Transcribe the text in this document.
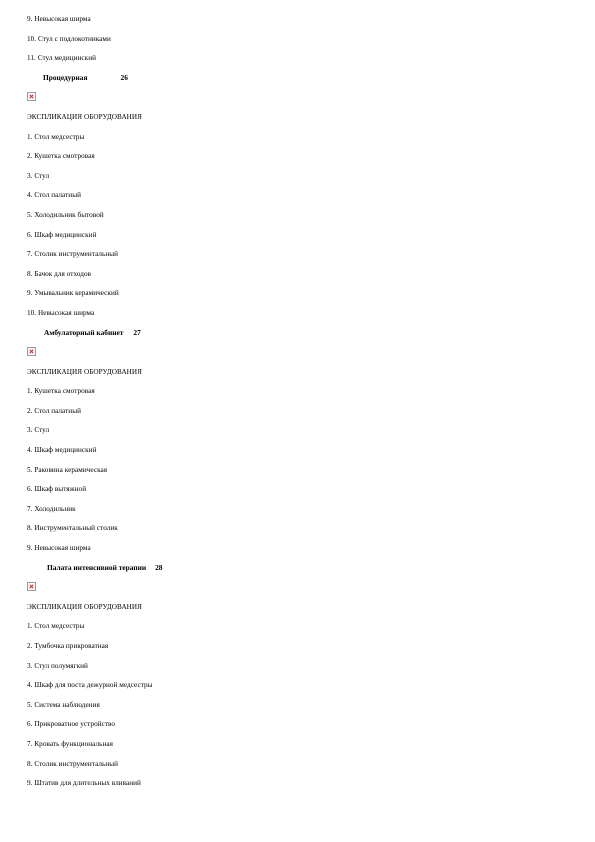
9. Невысокая ширма
10. Стул с подлокотниками
11. Стул медицинский
Процедурная	26
ЭКСПЛИКАЦИЯ ОБОРУДОВАНИЯ
1. Стол медсестры
2. Кушетка смотровая
3. Стул
4. Стол палатный
5. Холодильник бытовой
6. Шкаф медицинский
7. Столик инструментальный
8. Бачок для отходов
9. Умывальник керамический
10. Невысокая ширма
Амбулаторный кабинет 27
ЭКСПЛИКАЦИЯ ОБОРУДОВАНИЯ
1. Кушетка смотровая
2. Стол палатный
3. Стул
4. Шкаф медицинский
5. Раковина керамическая
6. Шкаф вытяжной
7. Холодильник
8. Инструментальный столик
9. Невысокая ширма
Палата интенсивной терапии 28
ЭКСПЛИКАЦИЯ ОБОРУДОВАНИЯ
1. Стол медсестры
2. Тумбочка прикроватная
3. Стул полумягкий
4. Шкаф для поста дежурной медсестры
5. Система наблюдения
6. Прикроватное устройство
7. Кровать функциональная
8. Столик инструментальный
9. Штатив для длительных вливаний
